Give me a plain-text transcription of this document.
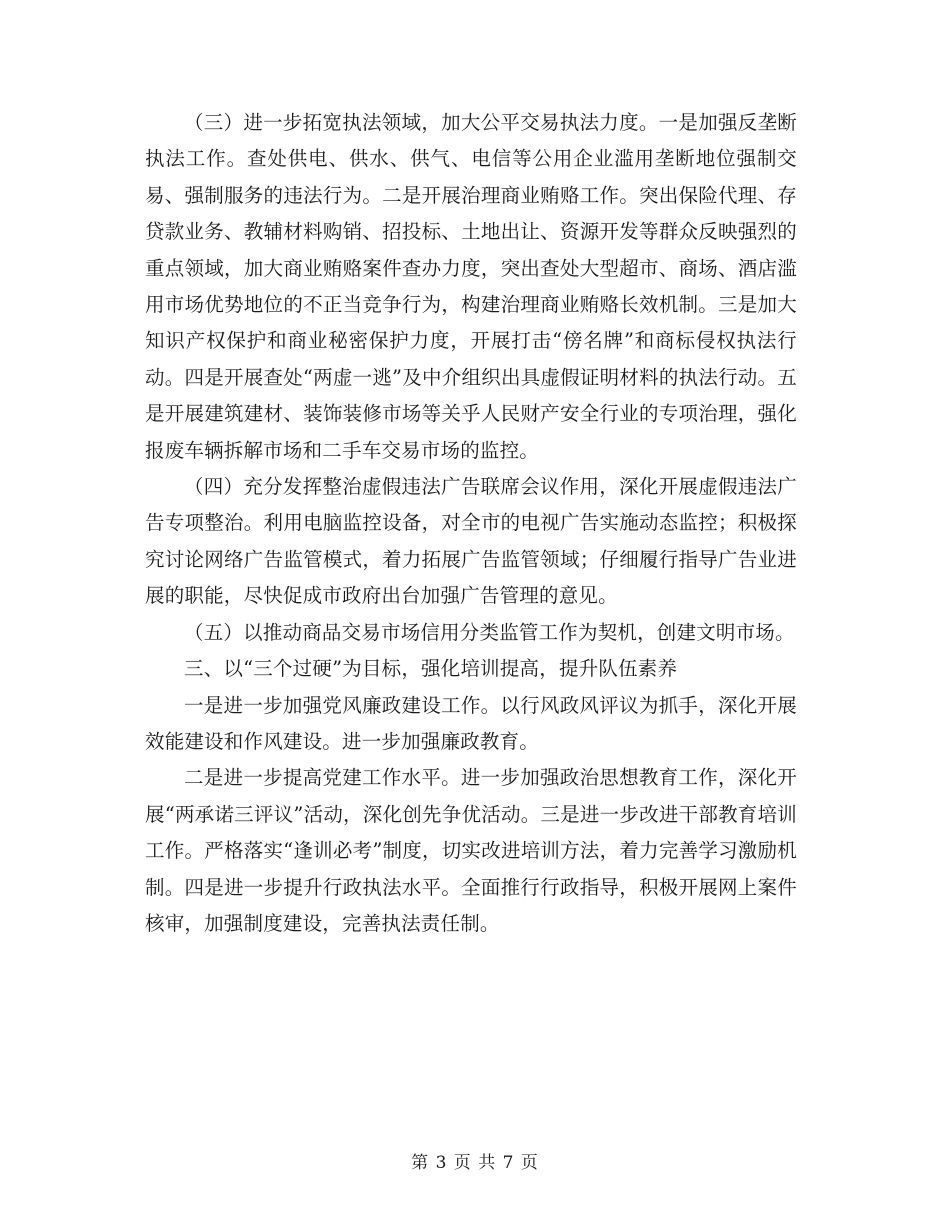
（三）进一步拓宽执法领域，加大公平交易执法力度。一是加强反垄断执法工作。查处供电、供水、供气、电信等公用企业滥用垄断地位强制交易、强制服务的违法行为。二是开展治理商业贿赂工作。突出保险代理、存贷款业务、教辅材料购销、招投标、土地出让、资源开发等群众反映强烈的重点领域，加大商业贿赂案件查办力度，突出查处大型超市、商场、酒店滥用市场优势地位的不正当竞争行为，构建治理商业贿赂长效机制。三是加大知识产权保护和商业秘密保护力度，开展打击“傍名牌”和商标侵权执法行动。四是开展查处“两虚一逃”及中介组织出具虚假证明材料的执法行动。五是开展建筑建材、装饰装修市场等关乎人民财产安全行业的专项治理，强化报废车辆拆解市场和二手车交易市场的监控。

（四）充分发挥整治虚假违法广告联席会议作用，深化开展虚假违法广告专项整治。利用电脑监控设备，对全市的电视广告实施动态监控；积极探究讨论网络广告监管模式，着力拓展广告监管领域；仔细履行指导广告业进展的职能，尽快促成市政府出台加强广告管理的意见。

（五）以推动商品交易市场信用分类监管工作为契机，创建文明市场。

三、以“三个过硬”为目标，强化培训提高，提升队伍素养

一是进一步加强党风廉政建设工作。以行风政风评议为抓手，深化开展效能建设和作风建设。进一步加强廉政教育。

二是进一步提高党建工作水平。进一步加强政治思想教育工作，深化开展“两承诺三评议”活动，深化创先争优活动。三是进一步改进干部教育培训工作。严格落实“逢训必考”制度，切实改进培训方法，着力完善学习激励机制。四是进一步提升行政执法水平。全面推行行政指导，积极开展网上案件核审，加强制度建设，完善执法责任制。

第 3 页 共 7 页
